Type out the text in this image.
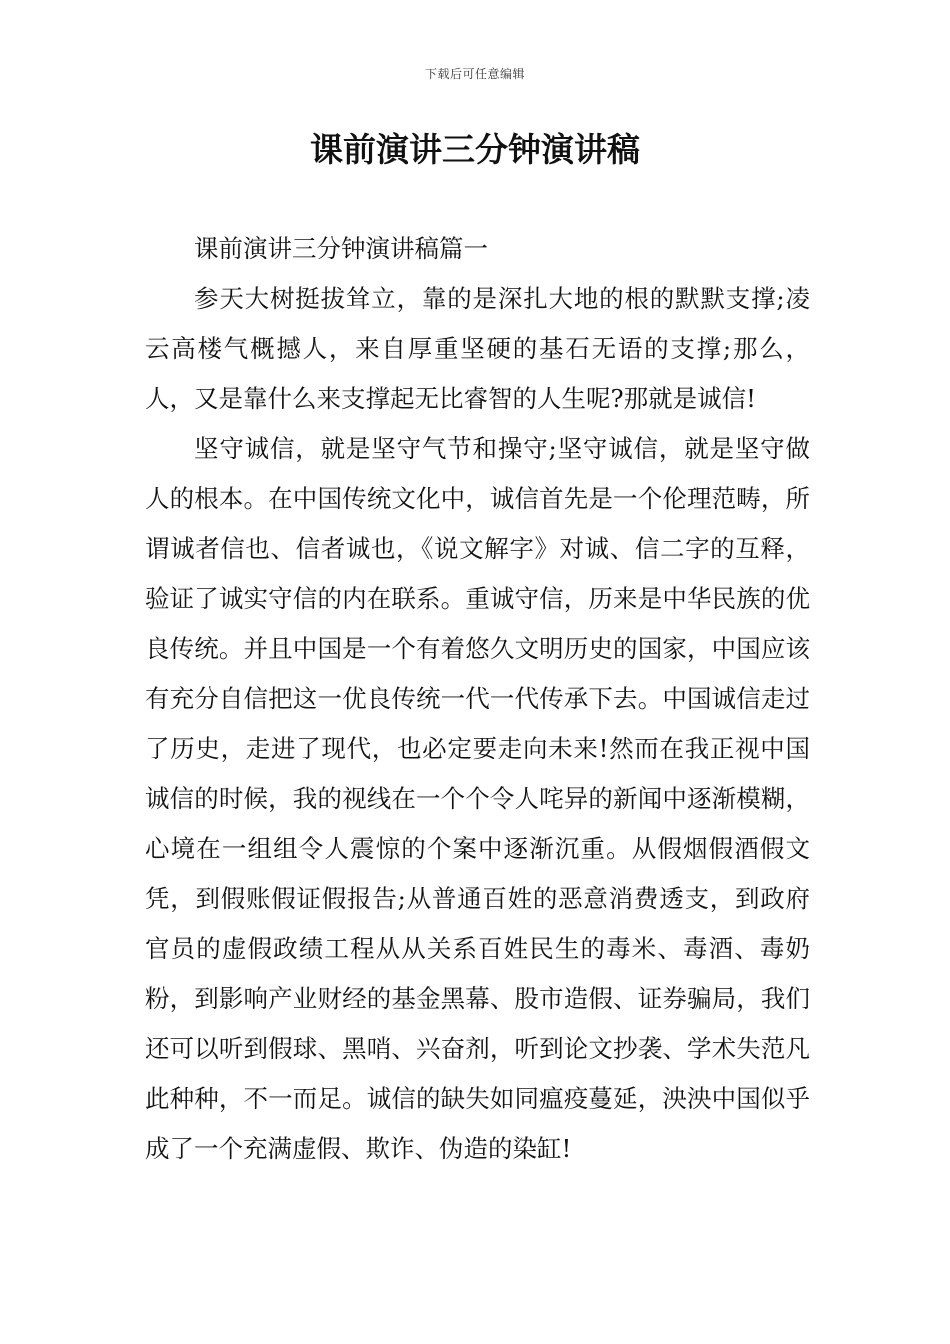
下载后可任意编辑
课前演讲三分钟演讲稿

课前演讲三分钟演讲稿篇一

参天大树挺拔耸立，靠的是深扎大地的根的默默支撑;凌云高楼气概撼人，来自厚重坚硬的基石无语的支撑;那么，人，又是靠什么来支撑起无比睿智的人生呢?那就是诚信!

坚守诚信，就是坚守气节和操守;坚守诚信，就是坚守做人的根本。在中国传统文化中，诚信首先是一个伦理范畴，所谓诚者信也、信者诚也，《说文解字》对诚、信二字的互释，验证了诚实守信的内在联系。重诚守信，历来是中华民族的优良传统。并且中国是一个有着悠久文明历史的国家，中国应该有充分自信把这一优良传统一代一代传承下去。中国诚信走过了历史，走进了现代，也必定要走向未来!然而在我正视中国诚信的时候，我的视线在一个个令人咤异的新闻中逐渐模糊，心境在一组组令人震惊的个案中逐渐沉重。从假烟假酒假文凭，到假账假证假报告;从普通百姓的恶意消费透支，到政府官员的虚假政绩工程从从关系百姓民生的毒米、毒酒、毒奶粉，到影响产业财经的基金黑幕、股市造假、证券骗局，我们还可以听到假球、黑哨、兴奋剂，听到论文抄袭、学术失范凡此种种，不一而足。诚信的缺失如同瘟疫蔓延，泱泱中国似乎成了一个充满虚假、欺诈、伪造的染缸!
